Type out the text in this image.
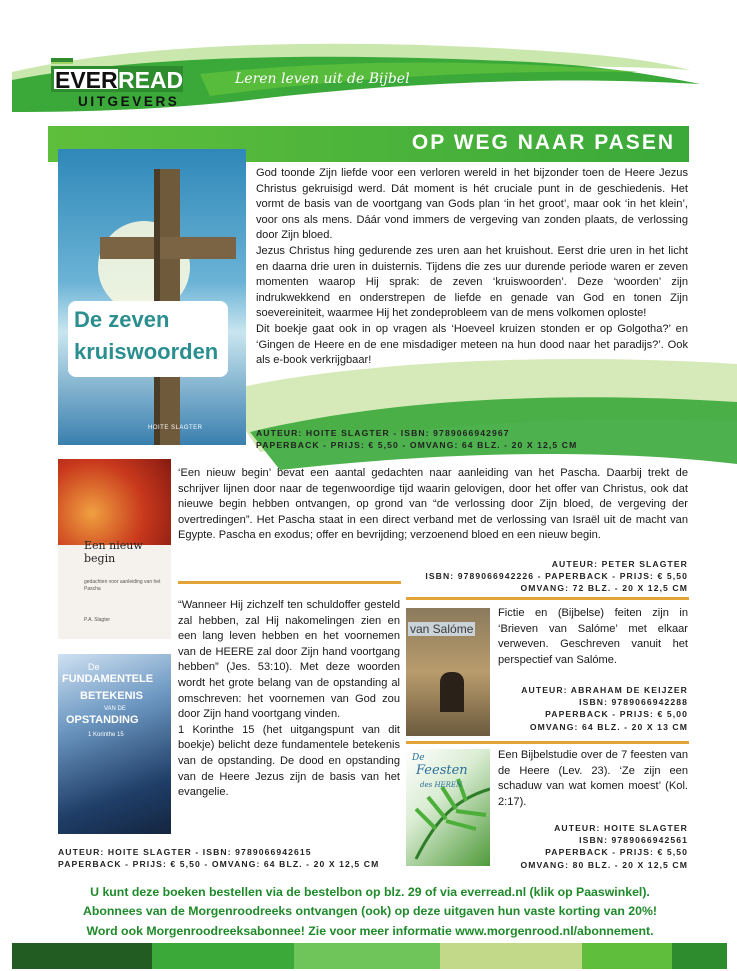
EVER READ
UITGEVERS
Leren leven uit de Bijbel
OP WEG NAAR PASEN
De zeven
kruiswoorden
HOITE SLAGTER

God toonde Zijn liefde voor een verloren wereld in het bijzonder toen de Heere Jezus Christus gekruisigd werd. Dát moment is hét cruciale punt in de geschiedenis. Het vormt de basis van de voortgang van Gods plan ‘in het groot’, maar ook ‘in het klein’, voor ons als mens. Dáár vond immers de vergeving van zonden plaats, de verlossing door Zijn bloed.

Jezus Christus hing gedurende zes uren aan het kruishout. Eerst drie uren in het licht en daarna drie uren in duisternis. Tijdens die zes uur durende periode waren er zeven momenten waarop Hij sprak: de zeven ‘kruiswoorden’. Deze ‘woorden’ zijn indrukwekkend en onderstrepen de liefde en genade van God en tonen Zijn soevereiniteit, waarmee Hij het zondeprobleem van de mens volkomen oploste!

Dit boekje gaat ook in op vragen als ‘Hoeveel kruizen stonden er op Golgotha?’ en ‘Gingen de Heere en de ene misdadiger meteen na hun dood naar het paradijs?’. Ook als e-book verkrijgbaar!

AUTEUR: HOITE SLAGTER - ISBN: 9789066942967
PAPERBACK - PRIJS: € 5,50 - OMVANG: 64 BLZ. - 20 X 12,5 CM
Een nieuw begin
gedachten voor aanleiding van het Pascha
P.A. Slagter

‘Een nieuw begin’ bevat een aantal gedachten naar aanleiding van het Pascha. Daarbij trekt de schrijver lijnen door naar de tegenwoordige tijd waarin gelovigen, door het offer van Christus, ook dat nieuwe begin hebben ontvangen, op grond van “de verlossing door Zijn bloed, de vergeving der overtredingen”. Het Pascha staat in een direct verband met de verlossing van Israël uit de macht van Egypte. Pascha en exodus; offer en bevrijding; verzoenend bloed en een nieuw begin.

AUTEUR: PETER SLAGTER
ISBN: 9789066942226 - PAPERBACK - PRIJS: € 5,50
OMVANG: 72 BLZ. - 20 X 12,5 CM
De
FUNDAMENTELE
BETEKENIS
VAN DE
OPSTANDING
1 Korinthe 15

“Wanneer Hij zichzelf ten schuldoffer gesteld zal hebben, zal Hij nakomelingen zien en een lang leven hebben en het voornemen van de HEERE zal door Zijn hand voortgang hebben” (Jes. 53:10). Met deze woorden wordt het grote belang van de opstanding al omschreven: het voornemen van God zou door Zijn hand voortgang vinden.

1 Korinthe 15 (het uitgangspunt van dit boekje) belicht deze fundamentele betekenis van de opstanding. De dood en opstanding van de Heere Jezus zijn de basis van het evangelie.

AUTEUR: HOITE SLAGTER - ISBN: 9789066942615
PAPERBACK - PRIJS: € 5,50 - OMVANG: 64 BLZ. - 20 X 12,5 CM
van Salóme

Fictie en (Bijbelse) feiten zijn in ‘Brieven van Salóme’ met elkaar verweven. Geschreven vanuit het perspectief van Salóme.

AUTEUR: ABRAHAM DE KEIJZER
ISBN: 9789066942288
PAPERBACK - PRIJS: € 5,00
OMVANG: 64 BLZ. - 20 X 13 CM
De
Feesten
des HEREN

Een Bijbelstudie over de 7 feesten van de Heere (Lev. 23). ‘Ze zijn een schaduw van wat komen moest’ (Kol. 2:17).

AUTEUR: HOITE SLAGTER
ISBN: 9789066942561
PAPERBACK - PRIJS: € 5,50
OMVANG: 80 BLZ. - 20 X 12,5 CM

U kunt deze boeken bestellen via de bestelbon op blz. 29 of via everread.nl (klik op Paaswinkel).

Abonnees van de Morgenroodreeks ontvangen (ook) op deze uitgaven hun vaste korting van 20%!

Word ook Morgenroodreeksabonnee! Zie voor meer informatie www.morgenrood.nl/abonnement.
